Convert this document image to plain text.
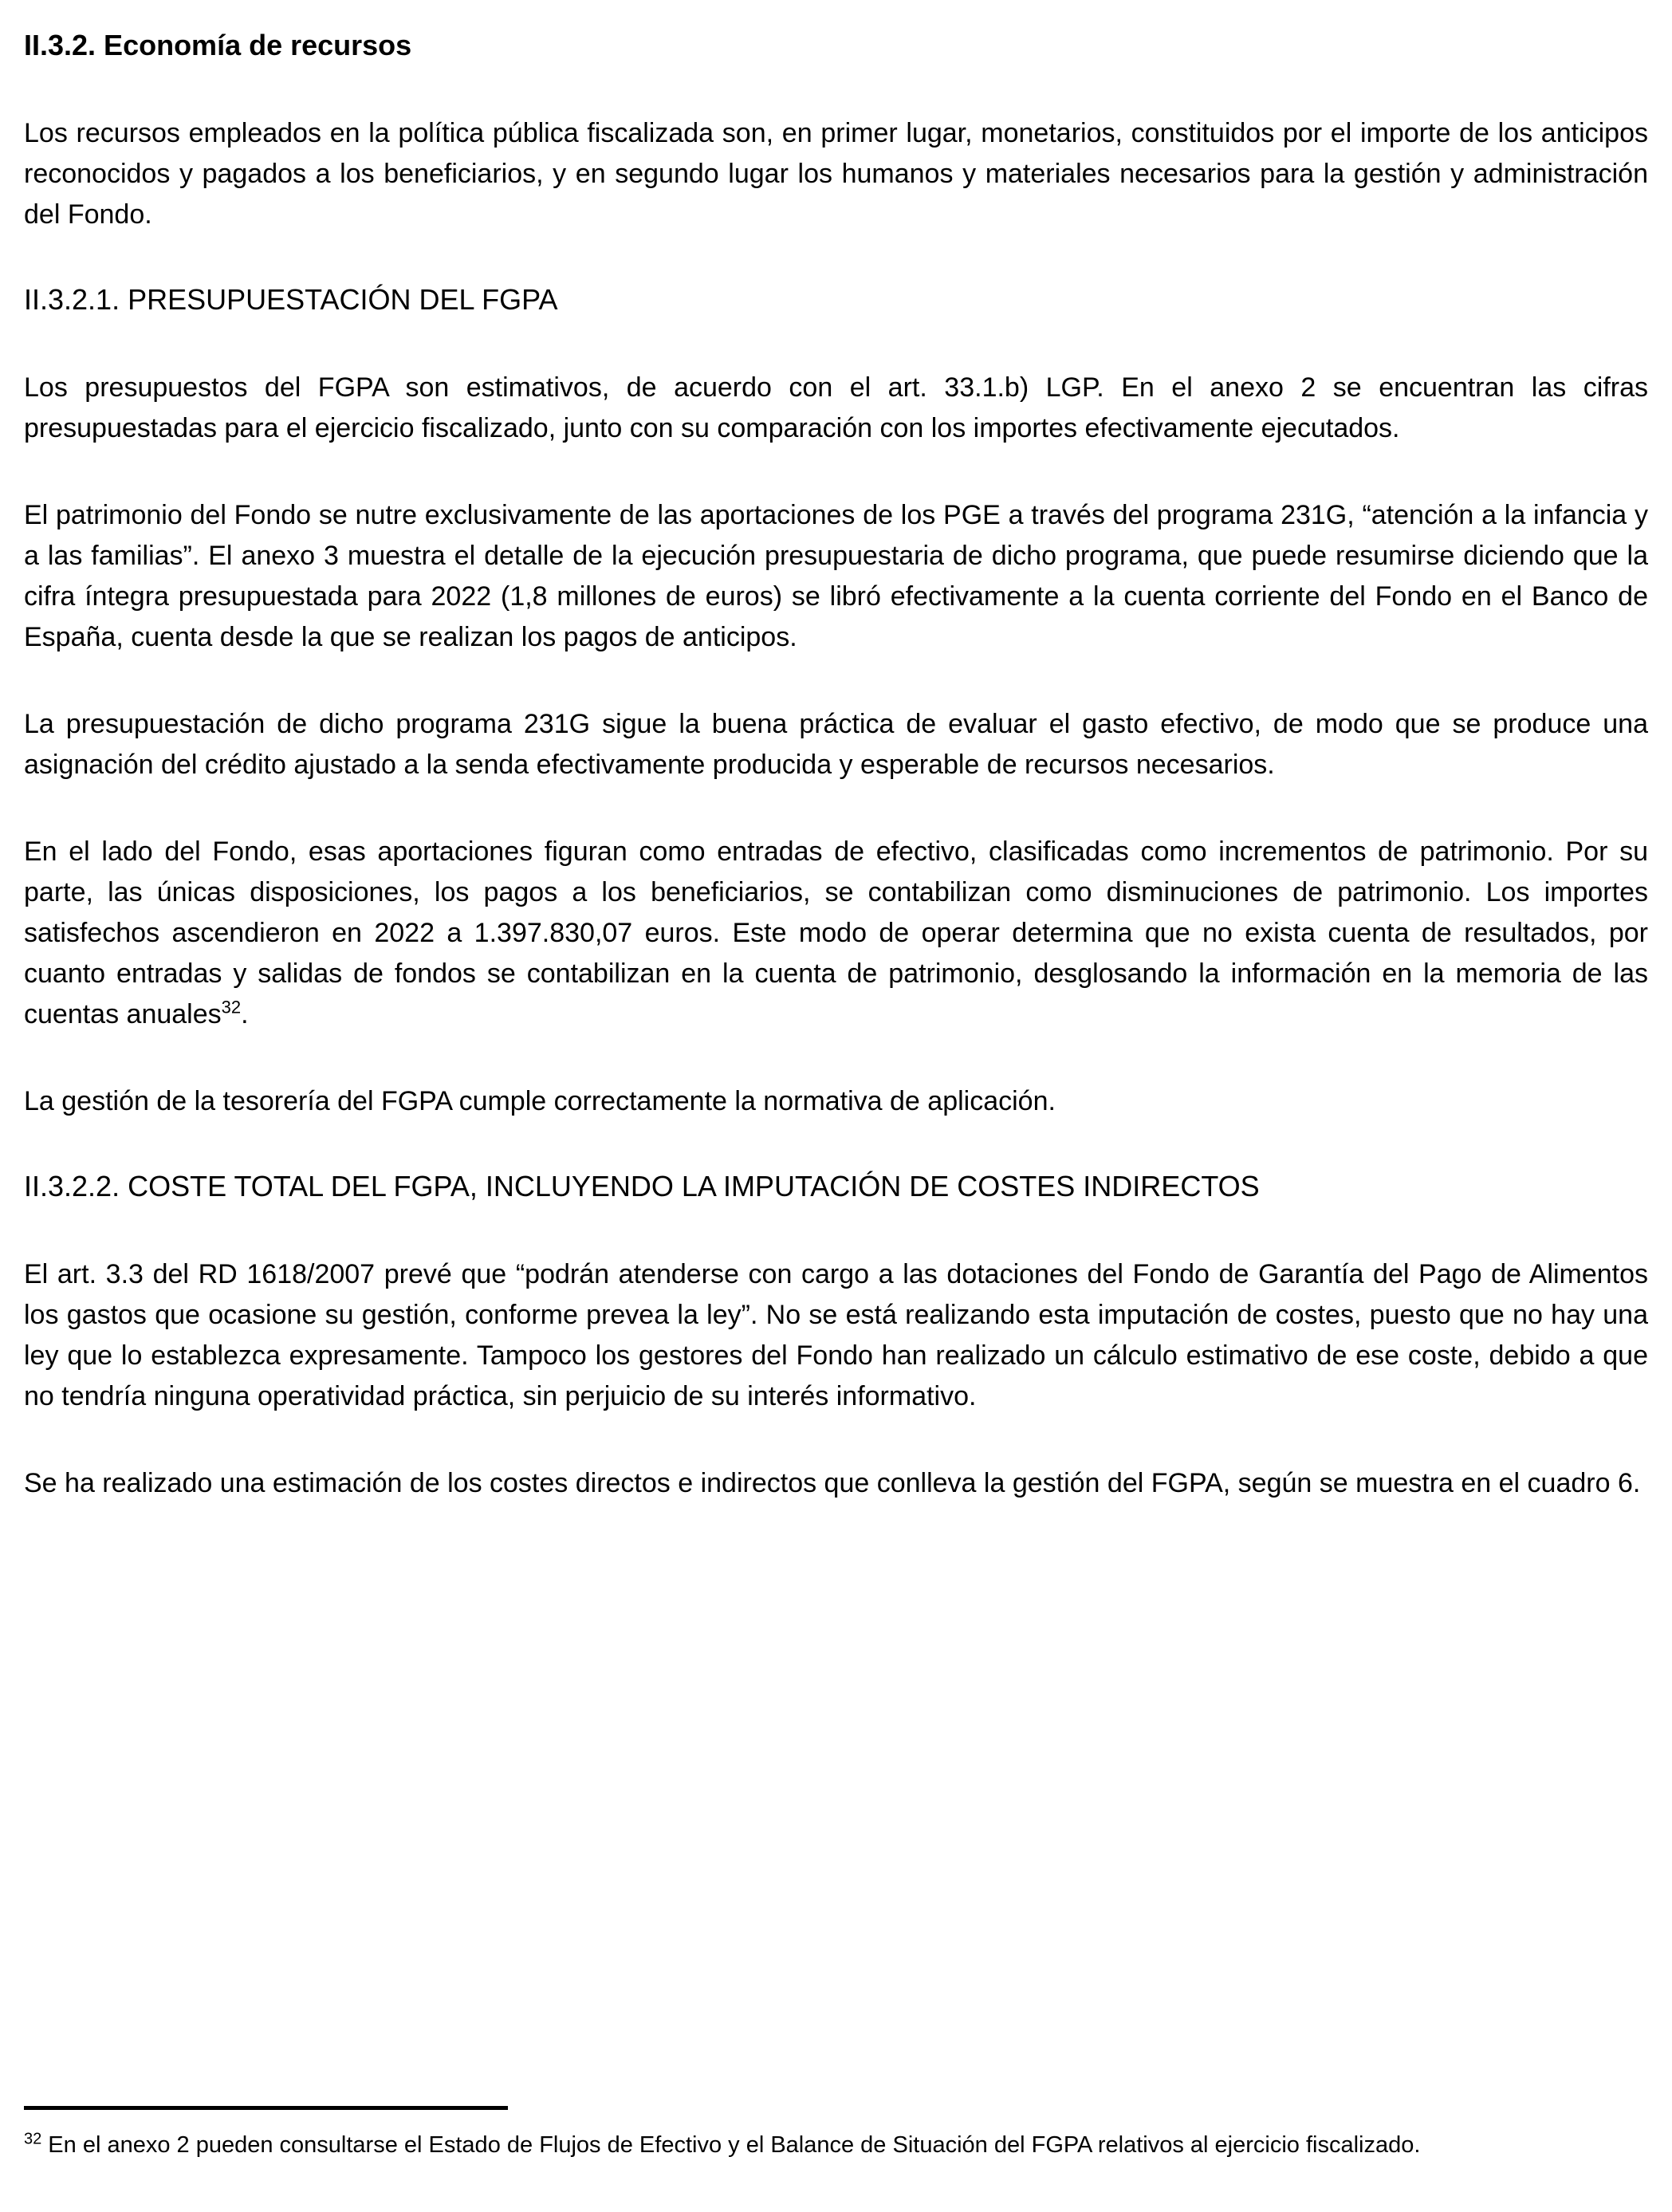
II.3.2. Economía de recursos

Los recursos empleados en la política pública fiscalizada son, en primer lugar, monetarios, constituidos por el importe de los anticipos reconocidos y pagados a los beneficiarios, y en segundo lugar los humanos y materiales necesarios para la gestión y administración del Fondo.

II.3.2.1. PRESUPUESTACIÓN DEL FGPA

Los presupuestos del FGPA son estimativos, de acuerdo con el art. 33.1.b) LGP. En el anexo 2 se encuentran las cifras presupuestadas para el ejercicio fiscalizado, junto con su comparación con los importes efectivamente ejecutados.

El patrimonio del Fondo se nutre exclusivamente de las aportaciones de los PGE a través del programa 231G, “atención a la infancia y a las familias”. El anexo 3 muestra el detalle de la ejecución presupuestaria de dicho programa, que puede resumirse diciendo que la cifra íntegra presupuestada para 2022 (1,8 millones de euros) se libró efectivamente a la cuenta corriente del Fondo en el Banco de España, cuenta desde la que se realizan los pagos de anticipos.

La presupuestación de dicho programa 231G sigue la buena práctica de evaluar el gasto efectivo, de modo que se produce una asignación del crédito ajustado a la senda efectivamente producida y esperable de recursos necesarios.

En el lado del Fondo, esas aportaciones figuran como entradas de efectivo, clasificadas como incrementos de patrimonio. Por su parte, las únicas disposiciones, los pagos a los beneficiarios, se contabilizan como disminuciones de patrimonio. Los importes satisfechos ascendieron en 2022 a 1.397.830,07 euros. Este modo de operar determina que no exista cuenta de resultados, por cuanto entradas y salidas de fondos se contabilizan en la cuenta de patrimonio, desglosando la información en la memoria de las cuentas anuales$^{32}$.

La gestión de la tesorería del FGPA cumple correctamente la normativa de aplicación.

II.3.2.2. COSTE TOTAL DEL FGPA, INCLUYENDO LA IMPUTACIÓN DE COSTES INDIRECTOS

El art. 3.3 del RD 1618/2007 prevé que “podrán atenderse con cargo a las dotaciones del Fondo de Garantía del Pago de Alimentos los gastos que ocasione su gestión, conforme prevea la ley”. No se está realizando esta imputación de costes, puesto que no hay una ley que lo establezca expresamente. Tampoco los gestores del Fondo han realizado un cálculo estimativo de ese coste, debido a que no tendría ninguna operatividad práctica, sin perjuicio de su interés informativo.

Se ha realizado una estimación de los costes directos e indirectos que conlleva la gestión del FGPA, según se muestra en el cuadro 6.

$^{32}$ En el anexo 2 pueden consultarse el Estado de Flujos de Efectivo y el Balance de Situación del FGPA relativos al ejercicio fiscalizado.
